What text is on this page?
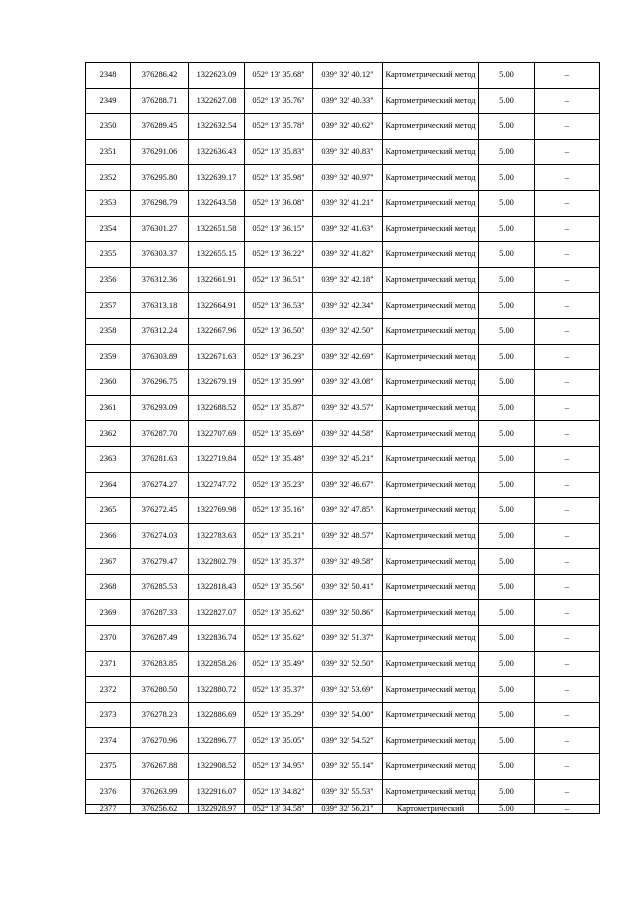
2348	376286.42	1322623.09	052° 13' 35.68"	039° 32' 40.12"	Картометрический метод	5.00	–
2349	376288.71	1322627.08	052° 13' 35.76"	039° 32' 40.33"	Картометрический метод	5.00	–
2350	376289.45	1322632.54	052° 13' 35.78"	039° 32' 40.62"	Картометрический метод	5.00	–
2351	376291.06	1322636.43	052° 13' 35.83"	039° 32' 40.83"	Картометрический метод	5.00	–
2352	376295.80	1322639.17	052° 13' 35.98"	039° 32' 40.97"	Картометрический метод	5.00	–
2353	376298.79	1322643.58	052° 13' 36.08"	039° 32' 41.21"	Картометрический метод	5.00	–
2354	376301.27	1322651.58	052° 13' 36.15"	039° 32' 41.63"	Картометрический метод	5.00	–
2355	376303.37	1322655.15	052° 13' 36.22"	039° 32' 41.82"	Картометрический метод	5.00	–
2356	376312.36	1322661.91	052° 13' 36.51"	039° 32' 42.18"	Картометрический метод	5.00	–
2357	376313.18	1322664.91	052° 13' 36.53"	039° 32' 42.34"	Картометрический метод	5.00	–
2358	376312.24	1322667.96	052° 13' 36.50"	039° 32' 42.50"	Картометрический метод	5.00	–
2359	376303.89	1322671.63	052° 13' 36.23"	039° 32' 42.69"	Картометрический метод	5.00	–
2360	376296.75	1322679.19	052° 13' 35.99"	039° 32' 43.08"	Картометрический метод	5.00	–
2361	376293.09	1322688.52	052° 13' 35.87"	039° 32' 43.57"	Картометрический метод	5.00	–
2362	376287.70	1322707.69	052° 13' 35.69"	039° 32' 44.58"	Картометрический метод	5.00	–
2363	376281.63	1322719.84	052° 13' 35.48"	039° 32' 45.21"	Картометрический метод	5.00	–
2364	376274.27	1322747.72	052° 13' 35.23"	039° 32' 46.67"	Картометрический метод	5.00	–
2365	376272.45	1322769.98	052° 13' 35.16"	039° 32' 47.85"	Картометрический метод	5.00	–
2366	376274.03	1322783.63	052° 13' 35.21"	039° 32' 48.57"	Картометрический метод	5.00	–
2367	376279.47	1322802.79	052° 13' 35.37"	039° 32' 49.58"	Картометрический метод	5.00	–
2368	376285.53	1322818.43	052° 13' 35.56"	039° 32' 50.41"	Картометрический метод	5.00	–
2369	376287.33	1322827.07	052° 13' 35.62"	039° 32' 50.86"	Картометрический метод	5.00	–
2370	376287.49	1322836.74	052° 13' 35.62"	039° 32' 51.37"	Картометрический метод	5.00	–
2371	376283.85	1322858.26	052° 13' 35.49"	039° 32' 52.50"	Картометрический метод	5.00	–
2372	376280.50	1322880.72	052° 13' 35.37"	039° 32' 53.69"	Картометрический метод	5.00	–
2373	376278.23	1322886.69	052° 13' 35.29"	039° 32' 54.00"	Картометрический метод	5.00	–
2374	376270.96	1322896.77	052° 13' 35.05"	039° 32' 54.52"	Картометрический метод	5.00	–
2375	376267.88	1322908.52	052° 13' 34.95"	039° 32' 55.14"	Картометрический метод	5.00	–
2376	376263.99	1322916.07	052° 13' 34.82"	039° 32' 55.53"	Картометрический метод	5.00	–
2377	376256.62	1322928.97	052° 13' 34.58"	039° 32' 56.21"	Картометрический	5.00	–
